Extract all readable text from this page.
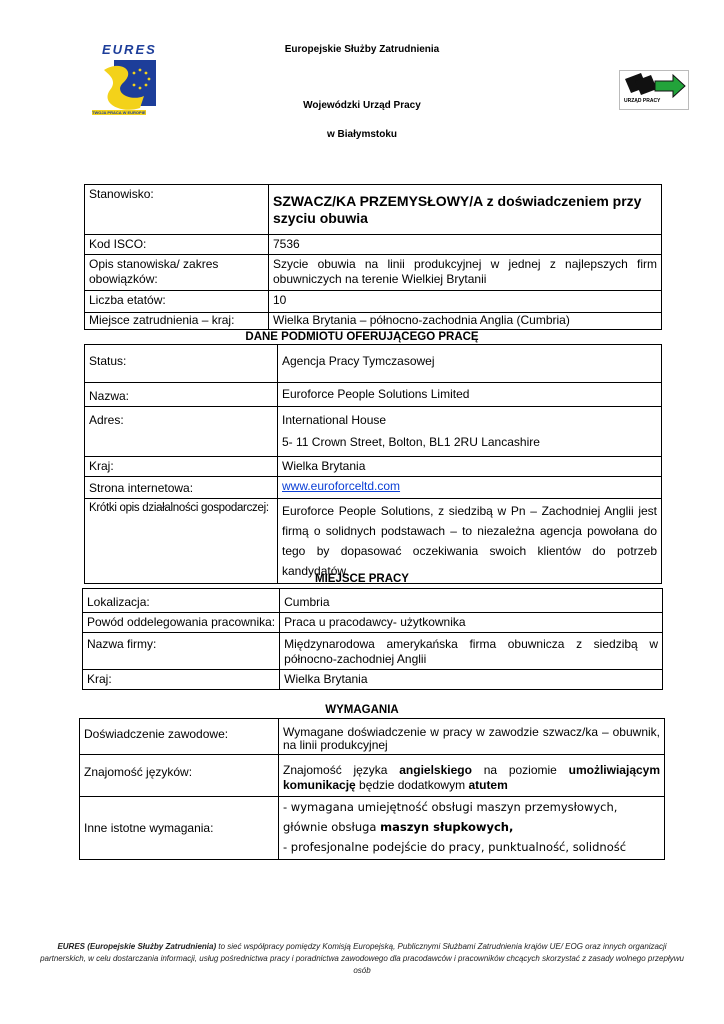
EURES
TWOJA PRACA W EUROPIE
Europejskie Służby Zatrudnienia
Wojewódzki Urząd Pracy
w Białymstoku
URZĄD PRACY
Stanowisko:	SZWACZ/KA PRZEMYSŁOWY/A z doświadczeniem przy szyciu obuwia
Kod ISCO:	7536
Opis stanowiska/ zakres obowiązków:	Szycie obuwia na linii produkcyjnej w jednej z najlepszych firm obuwniczych na terenie Wielkiej Brytanii
Liczba etatów:	10
Miejsce zatrudnienia – kraj:	Wielka Brytania – północno-zachodnia Anglia (Cumbria)
DANE PODMIOTU OFERUJĄCEGO PRACĘ
Status:	Agencja Pracy Tymczasowej
Nazwa:	Euroforce People Solutions Limited
Adres:	International House
5- 11 Crown Street, Bolton, BL1 2RU Lancashire

Kraj:	Wielka Brytania
Strona internetowa:	www.euroforceltd.com
Krótki opis działalności gospodarczej:	Euroforce People Solutions, z siedzibą w Pn – Zachodniej Anglii jest firmą o solidnych podstawach – to niezależna agencja powołana do tego by dopasować oczekiwania swoich klientów do potrzeb kandydatów.
MIEJSCE PRACY
Lokalizacja:	Cumbria
Powód oddelegowania pracownika:	Praca u pracodawcy- użytkownika
Nazwa firmy:	Międzynarodowa amerykańska firma obuwnicza z siedzibą w północno-zachodniej Anglii
Kraj:	Wielka Brytania
WYMAGANIA
Doświadczenie zawodowe:	Wymagane doświadczenie w pracy w zawodzie szwacz/ka – obuwnik, na linii produkcyjnej
Znajomość języków:	Znajomość języka angielskiego na poziomie umożliwiającym komunikację będzie dodatkowym atutem
Inne istotne wymagania:	- wymagana umiejętność obsługi maszyn przemysłowych, głównie obsługa maszyn słupkowych,
- profesjonalne podejście do pracy, punktualność, solidność
EURES (Europejskie Służby Zatrudnienia) to sieć współpracy pomiędzy Komisją Europejską, Publicznymi Służbami Zatrudnienia krajów UE/ EOG oraz innych organizacji partnerskich, w celu dostarczania informacji, usług pośrednictwa pracy i poradnictwa zawodowego dla pracodawców i pracowników chcących skorzystać z zasady wolnego przepływu osób
